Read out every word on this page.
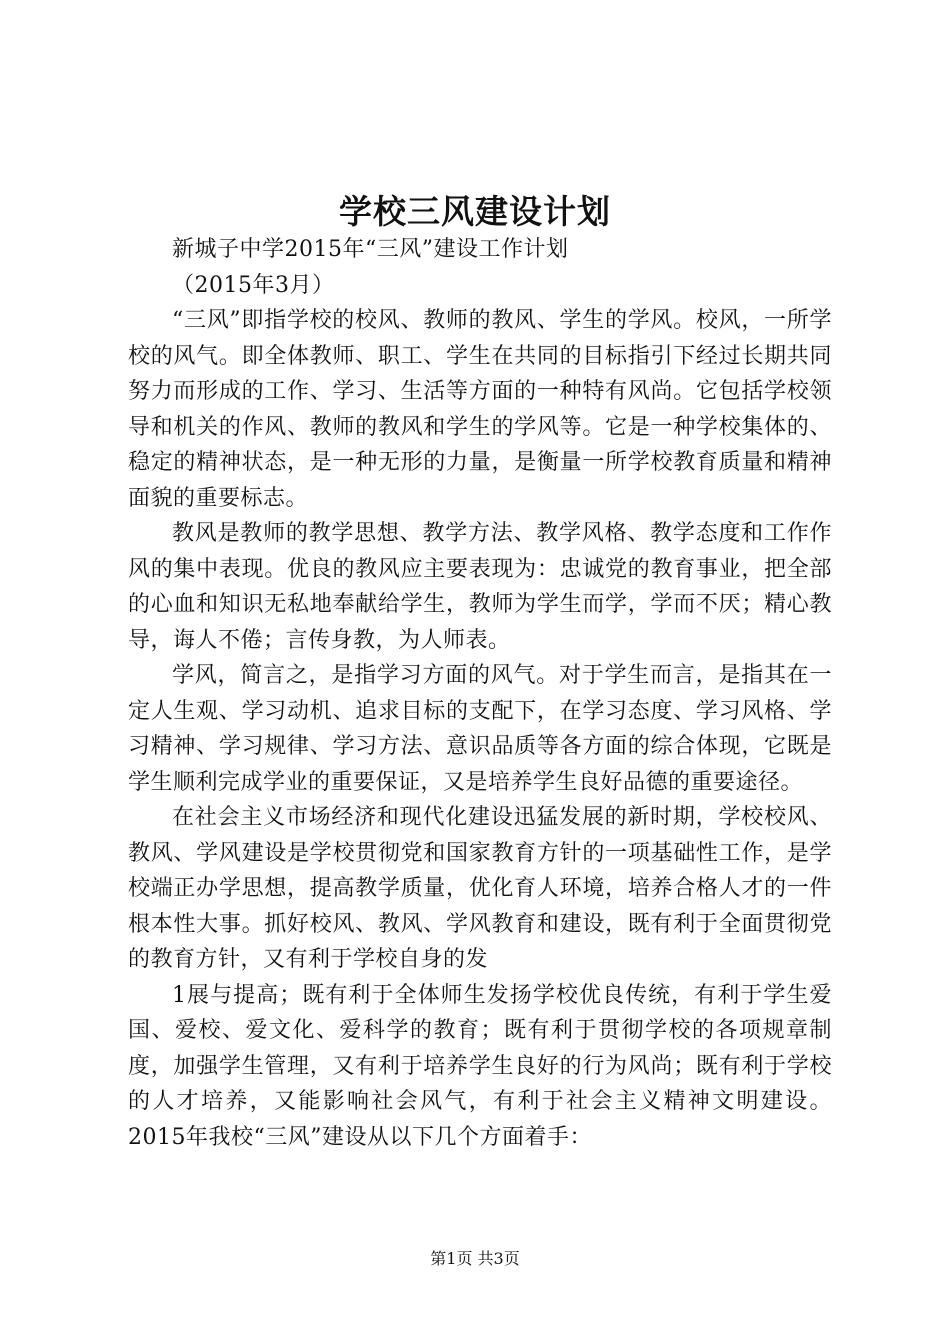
学校三风建设计划

新城子中学2015年“三风”建设工作计划

（2015年3月）

“三风”即指学校的校风、教师的教风、学生的学风。校风，一所学校的风气。即全体教师、职工、学生在共同的目标指引下经过长期共同努力而形成的工作、学习、生活等方面的一种特有风尚。它包括学校领导和机关的作风、教师的教风和学生的学风等。它是一种学校集体的、稳定的精神状态，是一种无形的力量，是衡量一所学校教育质量和精神面貌的重要标志。

教风是教师的教学思想、教学方法、教学风格、教学态度和工作作风的集中表现。优良的教风应主要表现为：忠诚党的教育事业，把全部的心血和知识无私地奉献给学生，教师为学生而学，学而不厌；精心教导，诲人不倦；言传身教，为人师表。

学风，简言之，是指学习方面的风气。对于学生而言，是指其在一定人生观、学习动机、追求目标的支配下，在学习态度、学习风格、学习精神、学习规律、学习方法、意识品质等各方面的综合体现，它既是学生顺利完成学业的重要保证，又是培养学生良好品德的重要途径。

在社会主义市场经济和现代化建设迅猛发展的新时期，学校校风、教风、学风建设是学校贯彻党和国家教育方针的一项基础性工作，是学校端正办学思想，提高教学质量，优化育人环境，培养合格人才的一件根本性大事。抓好校风、教风、学风教育和建设，既有利于全面贯彻党的教育方针，又有利于学校自身的发

1展与提高；既有利于全体师生发扬学校优良传统，有利于学生爱国、爱校、爱文化、爱科学的教育；既有利于贯彻学校的各项规章制度，加强学生管理，又有利于培养学生良好的行为风尚；既有利于学校的人才培养，又能影响社会风气，有利于社会主义精神文明建设。2015年我校“三风”建设从以下几个方面着手：

第1页 共3页
